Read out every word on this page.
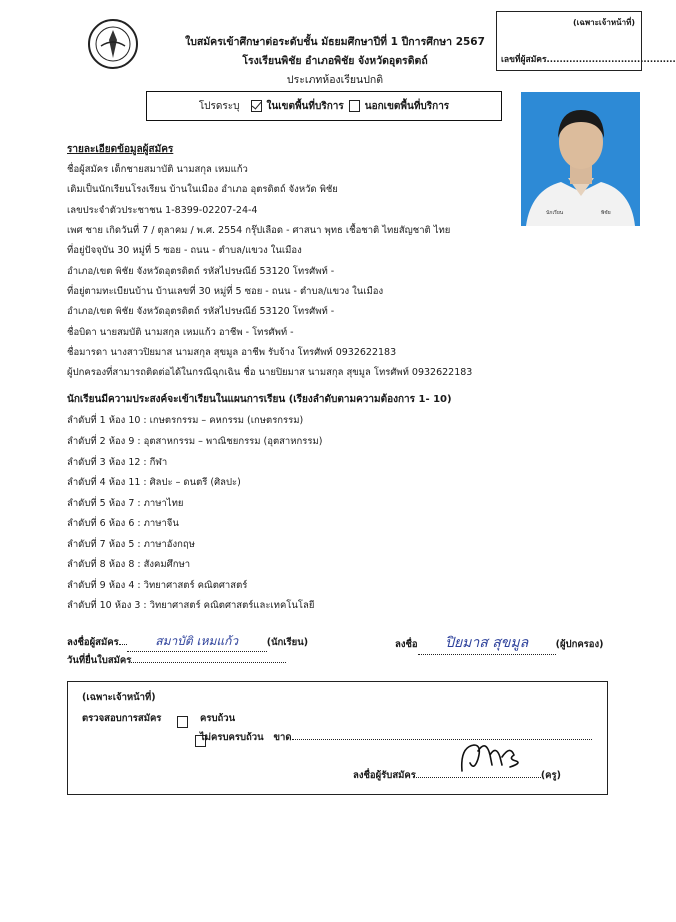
ใบสมัครเข้าศึกษาต่อระดับชั้น มัธยมศึกษาปีที่ 1 ปีการศึกษา 2567
โรงเรียนพิชัย อำเภอพิชัย จังหวัดอุตรดิตถ์
ประเภทห้องเรียนปกติ
(เฉพาะเจ้าหน้าที่)
เลขที่ผู้สมัคร........................................
นักเรียน	พิชัย
โปรดระบุ	ในเขตพื้นที่บริการ นอกเขตพื้นที่บริการ
รายละเอียดข้อมูลผู้สมัคร
ชื่อผู้สมัคร เด็กชายสมาบัติ นามสกุล เหมแก้ว
เดิมเป็นนักเรียนโรงเรียน บ้านในเมือง อำเภอ อุตรดิตถ์ จังหวัด พิชัย
เลขประจำตัวประชาชน 1-8399-02207-24-4
เพศ ชาย เกิดวันที่ 7 / ตุลาคม / พ.ศ. 2554 กรุ๊ปเลือด - ศาสนา พุทธ เชื้อชาติ ไทยสัญชาติ ไทย
ที่อยู่ปัจจุบัน 30 หมู่ที่ 5 ซอย - ถนน - ตำบล/แขวง ในเมือง
อำเภอ/เขต พิชัย จังหวัดอุตรดิตถ์ รหัสไปรษณีย์ 53120 โทรศัพท์ -
ที่อยู่ตามทะเบียนบ้าน บ้านเลขที่ 30 หมู่ที่ 5 ซอย - ถนน - ตำบล/แขวง ในเมือง
อำเภอ/เขต พิชัย จังหวัดอุตรดิตถ์ รหัสไปรษณีย์ 53120 โทรศัพท์ -
ชื่อบิดา นายสมบัติ นามสกุล เหมแก้ว อาชีพ - โทรศัพท์ -
ชื่อมารดา นางสาวปิยมาส นามสกุล สุขมูล อาชีพ รับจ้าง โทรศัพท์ 0932622183
ผู้ปกครองที่สามารถติดต่อได้ในกรณีฉุกเฉิน ชื่อ นายปิยมาส นามสกุล สุขมูล โทรศัพท์ 0932622183
นักเรียนมีความประสงค์จะเข้าเรียนในแผนการเรียน (เรียงลำดับตามความต้องการ 1- 10)
ลำดับที่ 1 ห้อง 10 : เกษตรกรรม – คหกรรม (เกษตรกรรม)
ลำดับที่ 2 ห้อง 9 : อุตสาหกรรม – พาณิชยกรรม (อุตสาหกรรม)
ลำดับที่ 3 ห้อง 12 : กีฬา
ลำดับที่ 4 ห้อง 11 : ศิลปะ – ดนตรี (ศิลปะ)
ลำดับที่ 5 ห้อง 7 : ภาษาไทย
ลำดับที่ 6 ห้อง 6 : ภาษาจีน
ลำดับที่ 7 ห้อง 5 : ภาษาอังกฤษ
ลำดับที่ 8 ห้อง 8 : สังคมศึกษา
ลำดับที่ 9 ห้อง 4 : วิทยาศาสตร์ คณิตศาสตร์
ลำดับที่ 10 ห้อง 3 : วิทยาศาสตร์ คณิตศาสตร์และเทคโนโลยี
ลงชื่อผู้สมัคร	สมาบัติ เหมแก้ว	(นักเรียน)	ลงชื่อ ปิยมาส สุขมูล	(ผู้ปกครอง)
วันที่ยื่นใบสมัคร
(เฉพาะเจ้าหน้าที่)
ตรวจสอบการสมัคร
	ครบถ้วน
ไม่ครบครบถ้วน ขาด
ลงชื่อผู้รับสมัคร	(ครู)
